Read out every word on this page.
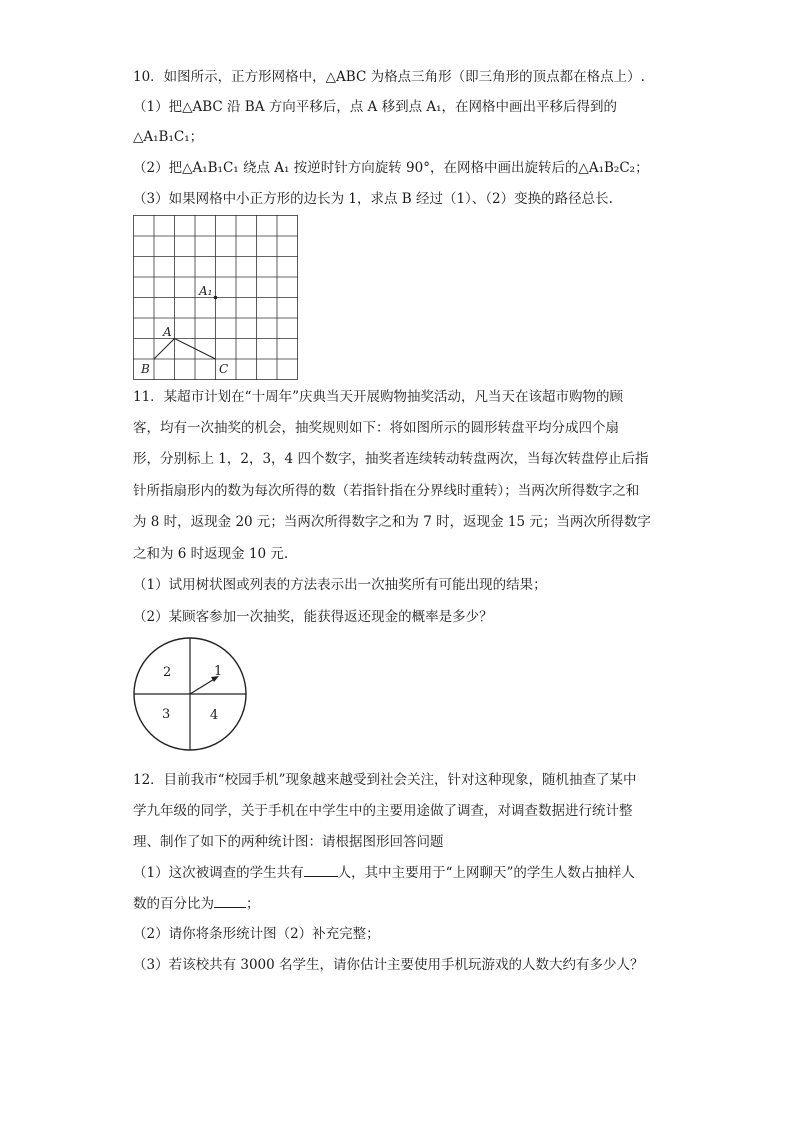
10．如图所示，正方形网格中，△ABC 为格点三角形（即三角形的顶点都在格点上）.
（1）把△ABC 沿 BA 方向平移后，点 A 移到点 A₁，在网格中画出平移后得到的
△A₁B₁C₁；
（2）把△A₁B₁C₁ 绕点 A₁ 按逆时针方向旋转 90°，在网格中画出旋转后的△A₁B₂C₂；
（3）如果网格中小正方形的边长为 1，求点 B 经过（1）、（2）变换的路径总长.
A₁
A
B	C
11．某超市计划在“十周年”庆典当天开展购物抽奖活动，凡当天在该超市购物的顾
客，均有一次抽奖的机会，抽奖规则如下：将如图所示的圆形转盘平均分成四个扇
形，分别标上 1，2，3，4 四个数字，抽奖者连续转动转盘两次，当每次转盘停止后指
针所指扇形内的数为每次所得的数（若指针指在分界线时重转）；当两次所得数字之和
为 8 时，返现金 20 元；当两次所得数字之和为 7 时，返现金 15 元；当两次所得数字
之和为 6 时返现金 10 元.
（1）试用树状图或列表的方法表示出一次抽奖所有可能出现的结果；
（2）某顾客参加一次抽奖，能获得返还现金的概率是多少？
1
2
3	4
12．目前我市“校园手机”现象越来越受到社会关注，针对这种现象，随机抽查了某中
学九年级的同学，关于手机在中学生中的主要用途做了调查，对调查数据进行统计整
理、制作了如下的两种统计图：请根据图形回答问题
（1）这次被调查的学生共有	人，其中主要用于“上网聊天”的学生人数占抽样人
数的百分比为 ；
（2）请你将条形统计图（2）补充完整；
（3）若该校共有 3000 名学生，请你估计主要使用手机玩游戏的人数大约有多少人？
